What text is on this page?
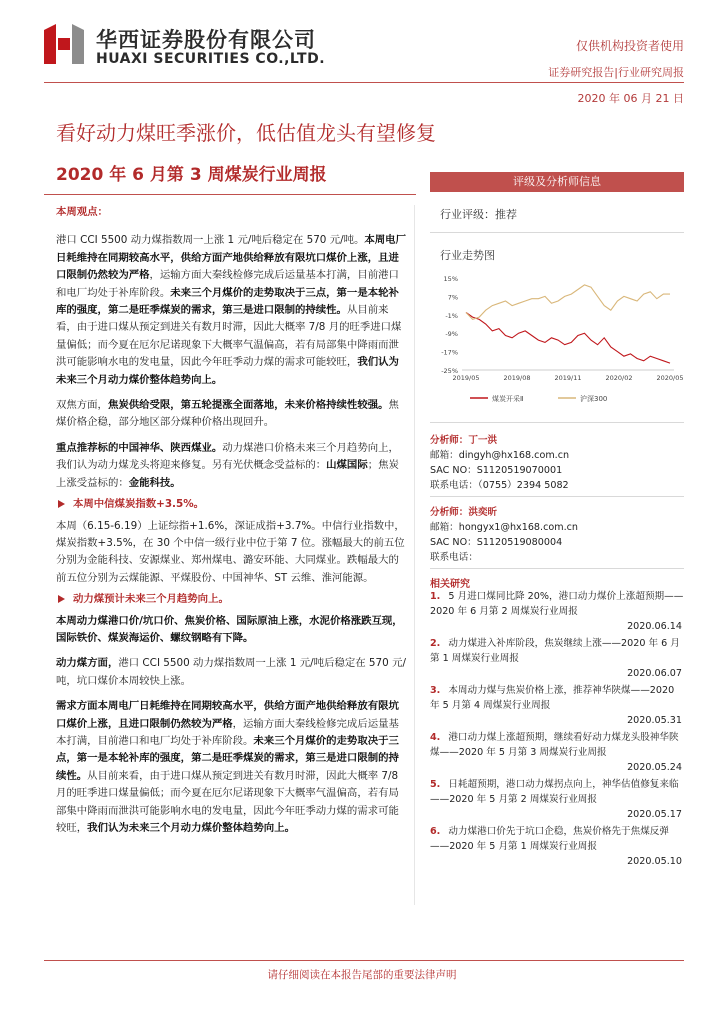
华西证券股份有限公司
HUAXI SECURITIES CO.,LTD.
仅供机构投资者使用
证券研究报告|行业研究周报
2020 年 06 月 21 日
看好动力煤旺季涨价，低估值龙头有望修复
2020 年 6 月第 3 周煤炭行业周报

本周观点：

港口 CCI 5500 动力煤指数周一上涨 1 元/吨后稳定在 570 元/吨。本周电厂日耗维持在同期较高水平，供给方面产地供给释放有限坑口煤价上涨，且进口限制仍然较为严格，运输方面大秦线检修完成后运量基本打满，目前港口和电厂均处于补库阶段。未来三个月煤价的走势取决于三点，第一是本轮补库的强度，第二是旺季煤炭的需求，第三是进口限制的持续性。从目前来看，由于进口煤从预定到进关有数月时滞，因此大概率 7/8 月的旺季进口煤量偏低；而今夏在厄尔尼诺现象下大概率气温偏高，若有局部集中降雨而泄洪可能影响水电的发电量，因此今年旺季动力煤的需求可能较旺，我们认为未来三个月动力煤价整体趋势向上。

双焦方面，焦炭供给受限，第五轮提涨全面落地，未来价格持续性较强。焦煤价格企稳，部分地区部分煤种价格出现回升。

重点推荐标的中国神华、陕西煤业。动力煤港口价格未来三个月趋势向上，我们认为动力煤龙头将迎来修复。另有光伏概念受益标的：山煤国际；焦炭上涨受益标的：金能科技。

本周中信煤炭指数+3.5%。

本周（6.15-6.19）上证综指+1.6%，深证成指+3.7%。中信行业指数中，煤炭指数+3.5%，在 30 个中信一级行业中位于第 7 位。涨幅最大的前五位分别为金能科技、安源煤业、郑州煤电、潞安环能、大同煤业。跌幅最大的前五位分别为云煤能源、平煤股份、中国神华、ST 云维、淮河能源。

动力煤预计未来三个月趋势向上。

本周动力煤港口价/坑口价、焦炭价格、国际原油上涨，水泥价格涨跌互现，国际铁价、煤炭海运价、螺纹钢略有下降。

动力煤方面，港口 CCI 5500 动力煤指数周一上涨 1 元/吨后稳定在 570 元/吨，坑口煤价本周较快上涨。

需求方面本周电厂日耗维持在同期较高水平，供给方面产地供给释放有限坑口煤价上涨，且进口限制仍然较为严格，运输方面大秦线检修完成后运量基本打满，目前港口和电厂均处于补库阶段。未来三个月煤价的走势取决于三点，第一是本轮补库的强度，第二是旺季煤炭的需求，第三是进口限制的持续性。从目前来看，由于进口煤从预定到进关有数月时滞，因此大概率 7/8 月的旺季进口煤量偏低；而今夏在厄尔尼诺现象下大概率气温偏高，若有局部集中降雨而泄洪可能影响水电的发电量，因此今年旺季动力煤的需求可能较旺，我们认为未来三个月动力煤价整体趋势向上。

评级及分析师信息
行业评级：推荐
行业走势图
15%
7%
-1%
-9%
-17%
-25%
2019/05	2019/08	2019/11	2020/02	2020/05
煤炭开采Ⅱ	沪深300
分析师：丁一洪
邮箱：dingyh@hx168.com.cn
SAC NO：S1120519070001
联系电话：（0755）2394 5082
分析师：洪奕昕
邮箱：hongyx1@hx168.com.cn
SAC NO：S1120519080004
联系电话：
相关研究
1. 5 月进口煤同比降 20%，港口动力煤价上涨超预期——2020 年 6 月第 2 周煤炭行业周报
2020.06.14
2. 动力煤进入补库阶段，焦炭继续上涨——2020 年 6 月第 1 周煤炭行业周报
2020.06.07
3. 本周动力煤与焦炭价格上涨，推荐神华陕煤——2020 年 5 月第 4 周煤炭行业周报
2020.05.31
4. 港口动力煤上涨超预期，继续看好动力煤龙头股神华陕煤——2020 年 5 月第 3 周煤炭行业周报
2020.05.24
5. 日耗超预期，港口动力煤拐点向上，神华估值修复来临——2020 年 5 月第 2 周煤炭行业周报
2020.05.17
6. 动力煤港口价先于坑口企稳，焦炭价格先于焦煤反弹——2020 年 5 月第 1 周煤炭行业周报
2020.05.10
请仔细阅读在本报告尾部的重要法律声明
